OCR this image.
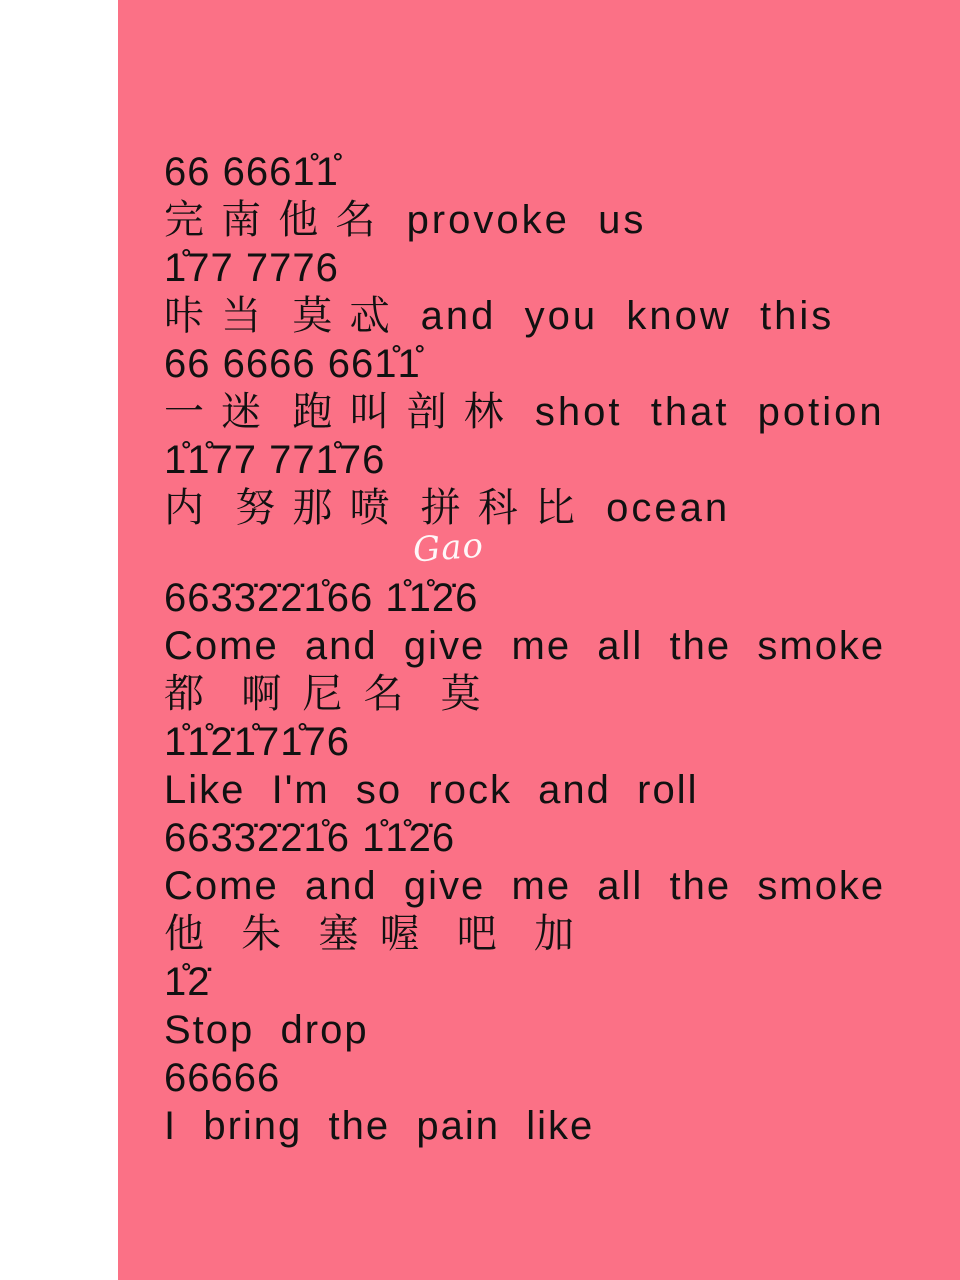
66 6661̊1̊
完 南 他 名  provoke  us
1̊77 7776
咔 当  莫 忒  and  you  know  this
66 6666 661̊1̊
一 迷  跑 叫 剖 林  shot  that  potion
1̊1̊77 771̊76
内  努 那 喷  拼 科 比  ocean
663̇3̇2̇2̇1̊66 1̊1̊2̇6
Come  and  give  me  all  the  smoke
都  啊 尼 名  莫
1̊1̊2̇1̊71̊76
Like  I'm  so  rock  and  roll
663̇3̇2̇2̇1̊6 1̊1̊2̇6
Come  and  give  me  all  the  smoke
他  朱  塞 喔  吧  加
1̊2̇
Stop  drop
66666
I  bring  the  pain  like
Gao
